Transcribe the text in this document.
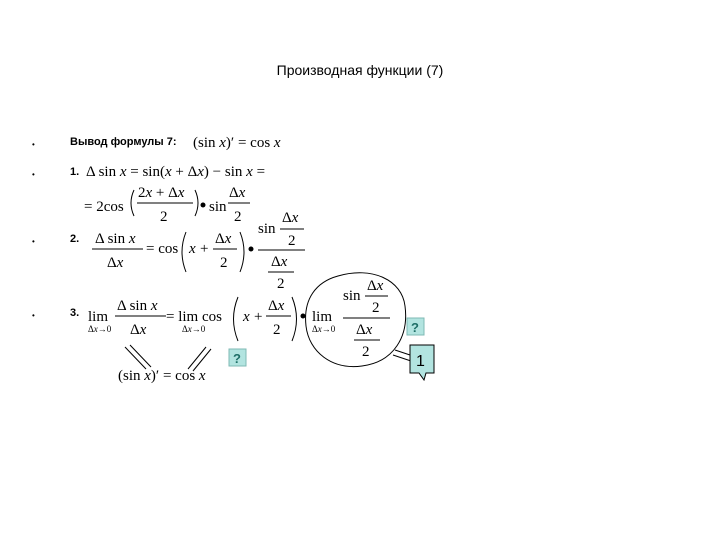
Производная функции (7)
•	Вывод формулы 7:
•	1.
•	2.
•	3.
(sin x)′ = cos x
Δ sin x = sin(x + Δx) − sin x =
= 2cos
2x + Δx
2
sin
Δx
2
Δ sin x
Δx
= cos x +
Δx
2
sin
Δx
2
Δx
2
lim
Δx→0
Δ sin x
Δx
= lim cos
Δx→0
x +
Δx
2
lim
Δx→0
sin
Δx
2
Δx
2
(sin x)′ = cos x
?
?
1
